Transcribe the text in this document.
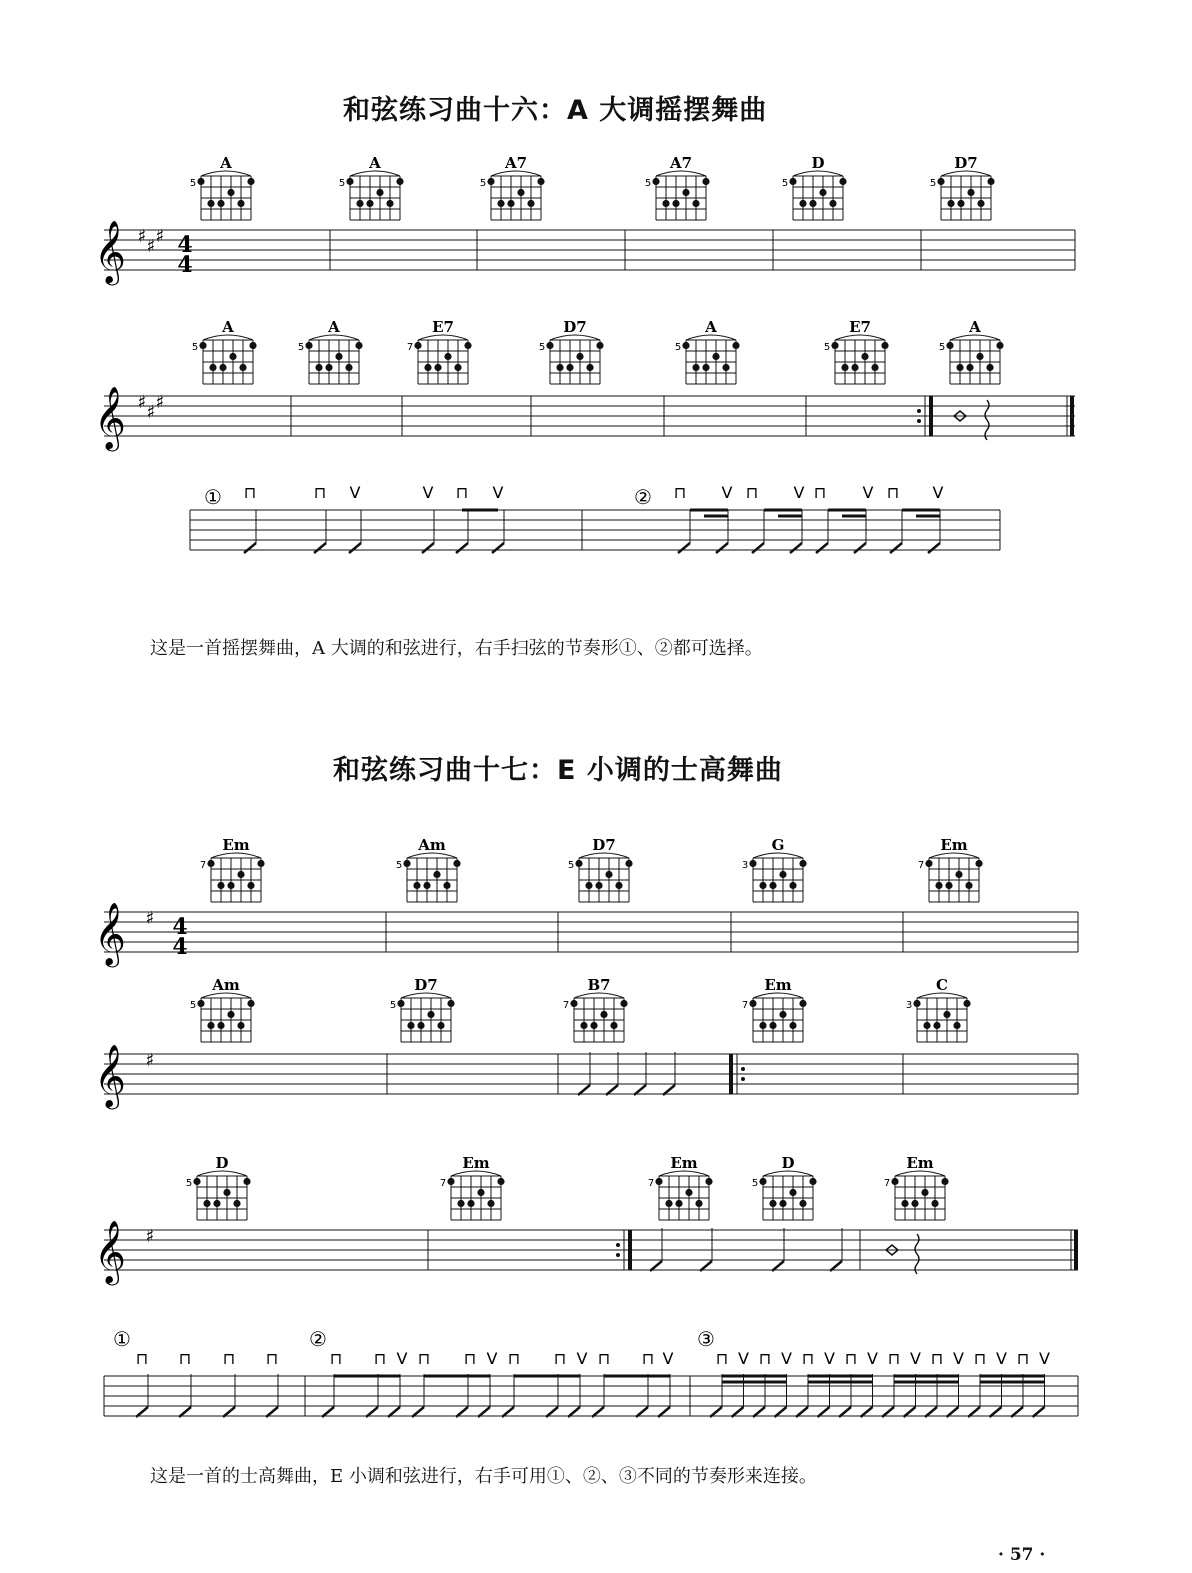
和弦练习曲十六：A 大调摇摆舞曲
和弦练习曲十七：E 小调的士高舞曲
这是一首摇摆舞曲，A 大调的和弦进行，右手扫弦的节奏形①、②都可选择。
这是一首的士高舞曲，E 小调和弦进行，右手可用①、②、③不同的节奏形来连接。
· 57 ·
A
5
A
5
A7
5
A7
5
D
5
D7
5
𝄞 ♯ ♯ ♯ 4
4
A
5
A
5
E7
7
D7
5
A
5
E7
5
A
5
𝄞 ♯ ♯ ♯
①	②
⊓	⊓ V	V ⊓ V	⊓ V ⊓ V ⊓ V ⊓ V
Em
7
Am
5
D7
5
G
3
Em
7
𝄞 ♯ 4
4
Am
5
D7
5
B7
7
Em
7
C
3
𝄞 ♯
D
5
Em
7
Em
7
D
5
Em
7
𝄞 ♯
①	②	③
⊓ ⊓ ⊓ ⊓	⊓ ⊓ V ⊓ ⊓ V ⊓ ⊓ V ⊓ ⊓ V	⊓ V ⊓ V ⊓ V ⊓ V ⊓ V ⊓ V ⊓ V ⊓ V
